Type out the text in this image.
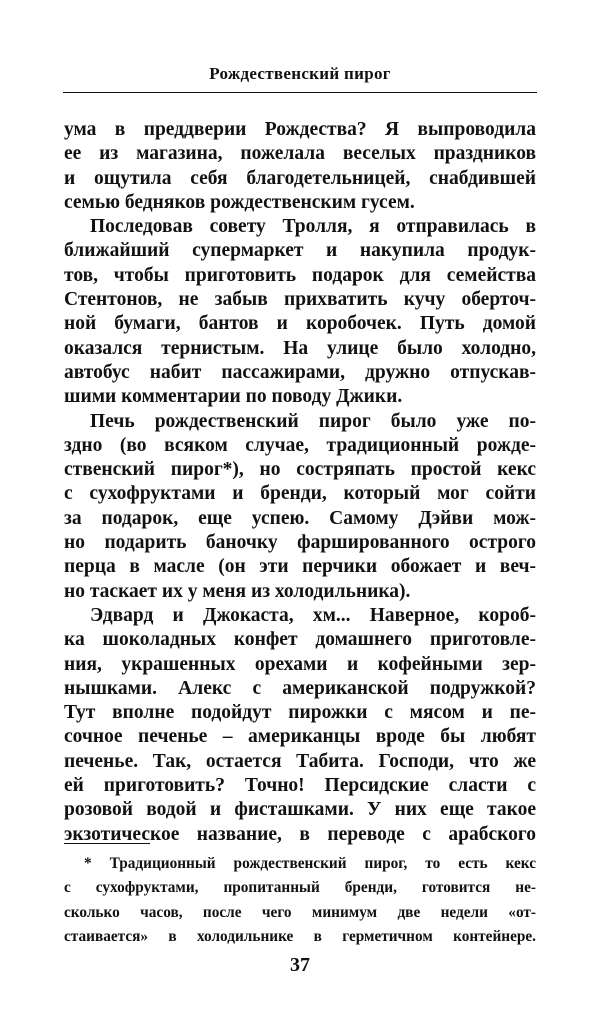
Рождественский пирог
ума в преддверии Рождества? Я выпроводила
ее из магазина, пожелала веселых праздников
и ощутила себя благодетельницей, снабдившей
семью бедняков рождественским гусем.
Последовав совету Тролля, я отправилась в
ближайший супермаркет и накупила продук-
тов, чтобы приготовить подарок для семейства
Стентонов, не забыв прихватить кучу оберточ-
ной бумаги, бантов и коробочек. Путь домой
оказался тернистым. На улице было холодно,
автобус набит пассажирами, дружно отпускав-
шими комментарии по поводу Джики.
Печь рождественский пирог было уже по-
здно (во всяком случае, традиционный рожде-
ственский пирог*), но состряпать простой кекс
с сухофруктами и бренди, который мог сойти
за подарок, еще успею. Самому Дэйви мож-
но подарить баночку фаршированного острого
перца в масле (он эти перчики обожает и веч-
но таскает их у меня из холодильника).
Эдвард и Джокаста, хм... Наверное, короб-
ка шоколадных конфет домашнего приготовле-
ния, украшенных орехами и кофейными зер-
нышками. Алекс с американской подружкой?
Тут вполне подойдут пирожки с мясом и пе-
сочное печенье – американцы вроде бы любят
печенье. Так, остается Табита. Господи, что же
ей приготовить? Точно! Персидские сласти с
розовой водой и фисташками. У них еще такое
экзотическое название, в переводе с арабского
* Традиционный рождественский пирог, то есть кекс
с сухофруктами, пропитанный бренди, готовится не-
сколько часов, после чего минимум две недели «от-
стаивается» в холодильнике в герметичном контейнере.
37
